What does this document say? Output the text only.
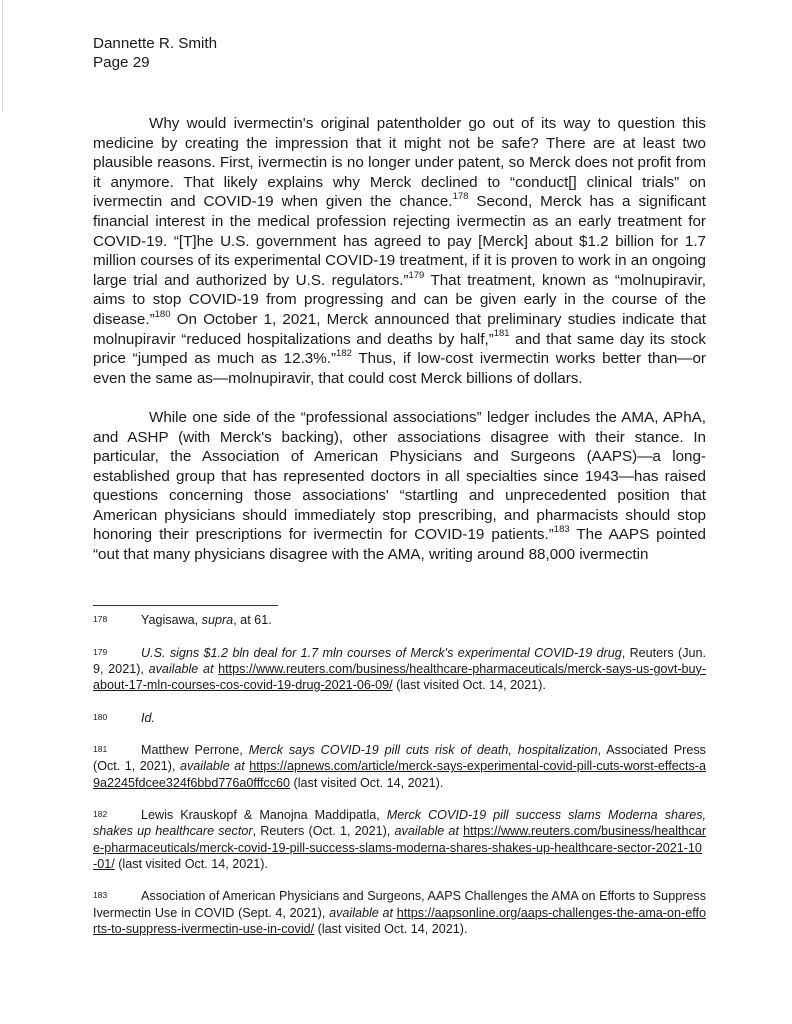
Dannette R. Smith
Page 29

Why would ivermectin's original patentholder go out of its way to question this medicine by creating the impression that it might not be safe? There are at least two plausible reasons. First, ivermectin is no longer under patent, so Merck does not profit from it anymore. That likely explains why Merck declined to “conduct[] clinical trials” on ivermectin and COVID-19 when given the chance.$^{178}$ Second, Merck has a significant financial interest in the medical profession rejecting ivermectin as an early treatment for COVID-19. “[T]he U.S. government has agreed to pay [Merck] about $1.2 billion for 1.7 million courses of its experimental COVID-19 treatment, if it is proven to work in an ongoing large trial and authorized by U.S. regulators.”$^{179}$ That treatment, known as “molnupiravir, aims to stop COVID-19 from progressing and can be given early in the course of the disease.”$^{180}$ On October 1, 2021, Merck announced that preliminary studies indicate that molnupiravir “reduced hospitalizations and deaths by half,”$^{181}$ and that same day its stock price “jumped as much as 12.3%.”$^{182}$ Thus, if low-cost ivermectin works better than—or even the same as—molnupiravir, that could cost Merck billions of dollars.

While one side of the “professional associations” ledger includes the AMA, APhA, and ASHP (with Merck's backing), other associations disagree with their stance. In particular, the Association of American Physicians and Surgeons (AAPS)—a long-established group that has represented doctors in all specialties since 1943—has raised questions concerning those associations' “startling and unprecedented position that American physicians should immediately stop prescribing, and pharmacists should stop honoring their prescriptions for ivermectin for COVID-19 patients.”$^{183}$ The AAPS pointed “out that many physicians disagree with the AMA, writing around 88,000 ivermectin

178	Yagisawa, supra, at 61.
179	U.S. signs $1.2 bln deal for 1.7 mln courses of Merck's experimental COVID-19 drug, Reuters (Jun. 9, 2021), available at https://www.reuters.com/business/healthcare-pharmaceuticals/merck-says-us-govt-buy-about-17-mln-courses-cos-covid-19-drug-2021-06-09/ (last visited Oct. 14, 2021).
180	Id.
181	Matthew Perrone, Merck says COVID-19 pill cuts risk of death, hospitalization, Associated Press (Oct. 1, 2021), available at https://apnews.com/article/merck-says-experimental-covid-pill-cuts-worst-effects-a9a2245fdcee324f6bbd776a0fffcc60 (last visited Oct. 14, 2021).
182	Lewis Krauskopf & Manojna Maddipatla, Merck COVID-19 pill success slams Moderna shares, shakes up healthcare sector, Reuters (Oct. 1, 2021), available at https://www.reuters.com/business/healthcare-pharmaceuticals/merck-covid-19-pill-success-slams-moderna-shares-shakes-up-healthcare-sector-2021-10-01/ (last visited Oct. 14, 2021).
183	Association of American Physicians and Surgeons, AAPS Challenges the AMA on Efforts to Suppress Ivermectin Use in COVID (Sept. 4, 2021), available at https://aapsonline.org/aaps-challenges-the-ama-on-efforts-to-suppress-ivermectin-use-in-covid/ (last visited Oct. 14, 2021).
